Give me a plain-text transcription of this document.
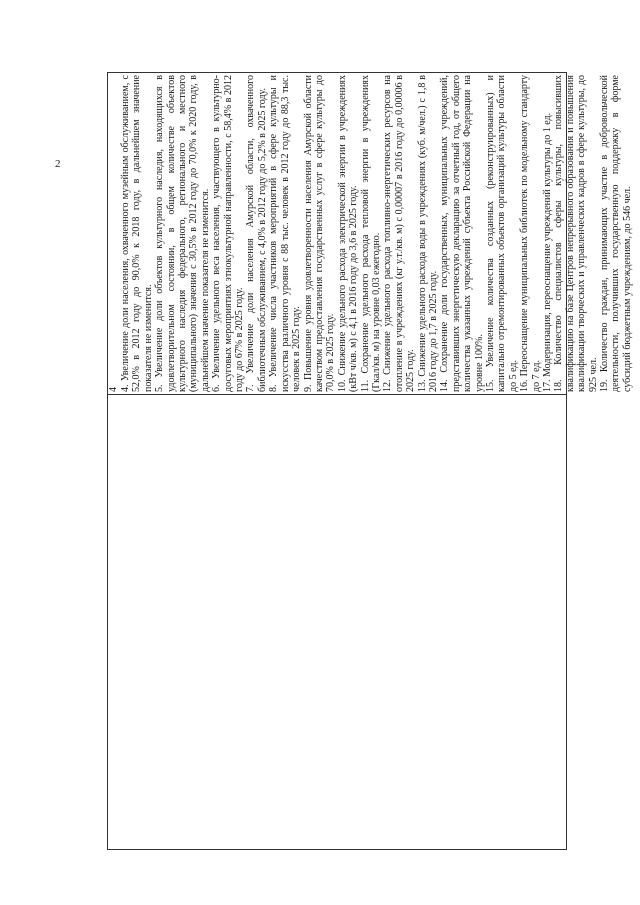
2
4 4. Увеличение доли населения, охваченного музейным обслуживанием, с 52,0% в 2012 году до 90,0% к 2018 году, в дальнейшем значение показателя не изменится. 5. Увеличение доли объектов культурного наследия, находящихся в удовлетворительном состоянии, в общем количестве объектов культурного наследия федерального, регионального и местного (муниципального) значения с 30,5% в 2012 году до 70,0% к 2020 году, в дальнейшем значение показателя не изменится. 6. Увеличение удельного веса населения, участвующего в культурно-досуговых мероприятиях этнокультурной направленности, с 58,4% в 2012 году до 67% в 2025 году. 7. Увеличение доли населения Амурской области, охваченного библиотечным обслуживанием, с 4,0% в 2012 году до 5,2% в 2025 году. 8. Увеличение числа участников мероприятий в сфере культуры и искусства различного уровня с 88 тыс. человек в 2012 году до 88,3 тыс. человек в 2025 году. 9. Повышение уровня удовлетворенности населения Амурской области качеством предоставления государственных услуг в сфере культуры до 70,0% в 2025 году. 10. Снижение удельного расхода электрической энергии в учреждениях (кВт ч/кв. м) с 4,1 в 2016 году до 3,6 в 2025 году. 11. Сохранение удельного расхода тепловой энергии в учреждениях (Гкал/кв. м) на уровне 0,03 ежегодно. 12. Снижение удельного расхода топливно-энергетических ресурсов на отопление в учреждениях (кг у.т./кв. м) с 0,00007 в 2016 году до 0,00006 в 2025 году. 13. Снижение удельного расхода воды в учреждениях (куб. м/чел.) с 1,8 в 2016 году до 1,7 в 2025 году. 14. Сохранение доли государственных, муниципальных учреждений, представивших энергетическую декларацию за отчетный год, от общего количества указанных учреждений субъекта Российской Федерации на уровне 100%. 15. Увеличение количества созданных (реконструированных) и капитально отремонтированных объектов организаций культуры области до 5 ед. 16. Переоснащение муниципальных библиотек по модельному стандарту до 7 ед. 17. Модернизация, переоснащение учреждений культуры до 1 ед. 18. Количество специалистов сферы культуры, повысивших квалификацию на базе Центров непрерывного образования и повышения квалификации творческих и управленческих кадров в сфере культуры, до 925 чел. 19. Количество граждан, принимающих участие в добровольческой деятельности, получивших государственную поддержку в форме субсидий бюджетным учреждениям, до 546 чел.
